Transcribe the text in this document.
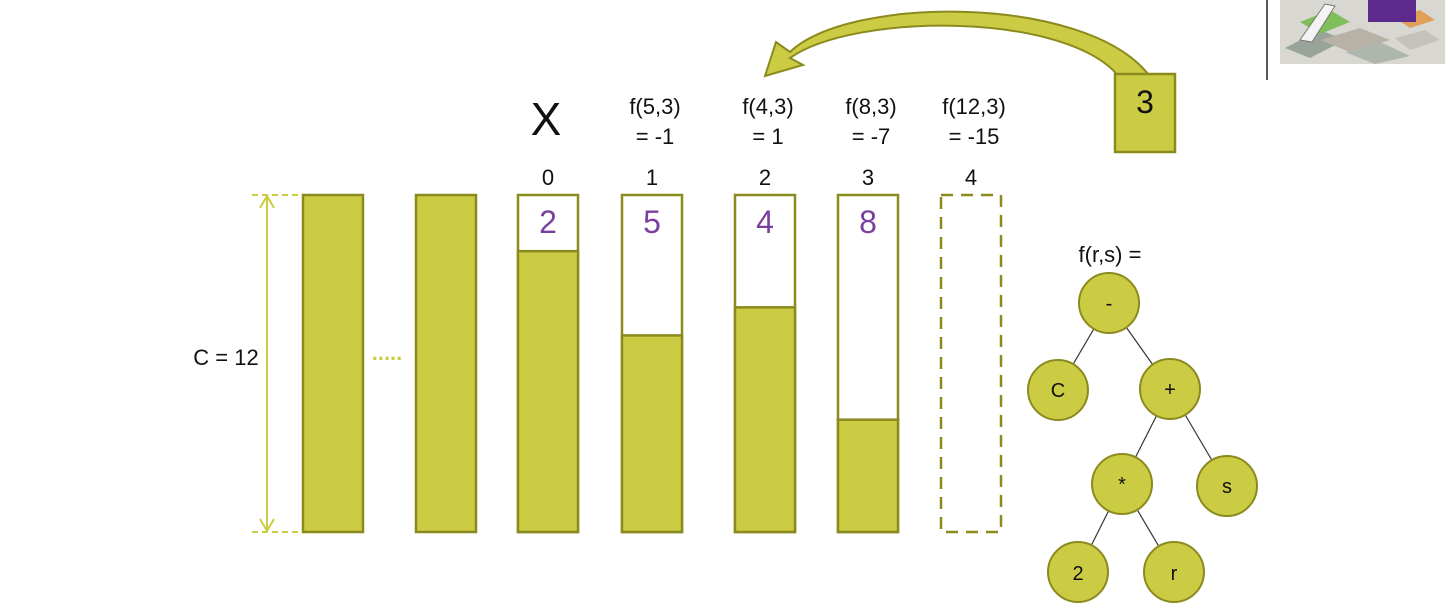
3
C = 12	.....
X
2
0
5
1
f(5,3)
= -1
4
2
f(4,3)
= 1
8
3
f(8,3)
= -7
4
f(12,3)
= -15
f(r,s) =
-
C	+
*	s
2	r
